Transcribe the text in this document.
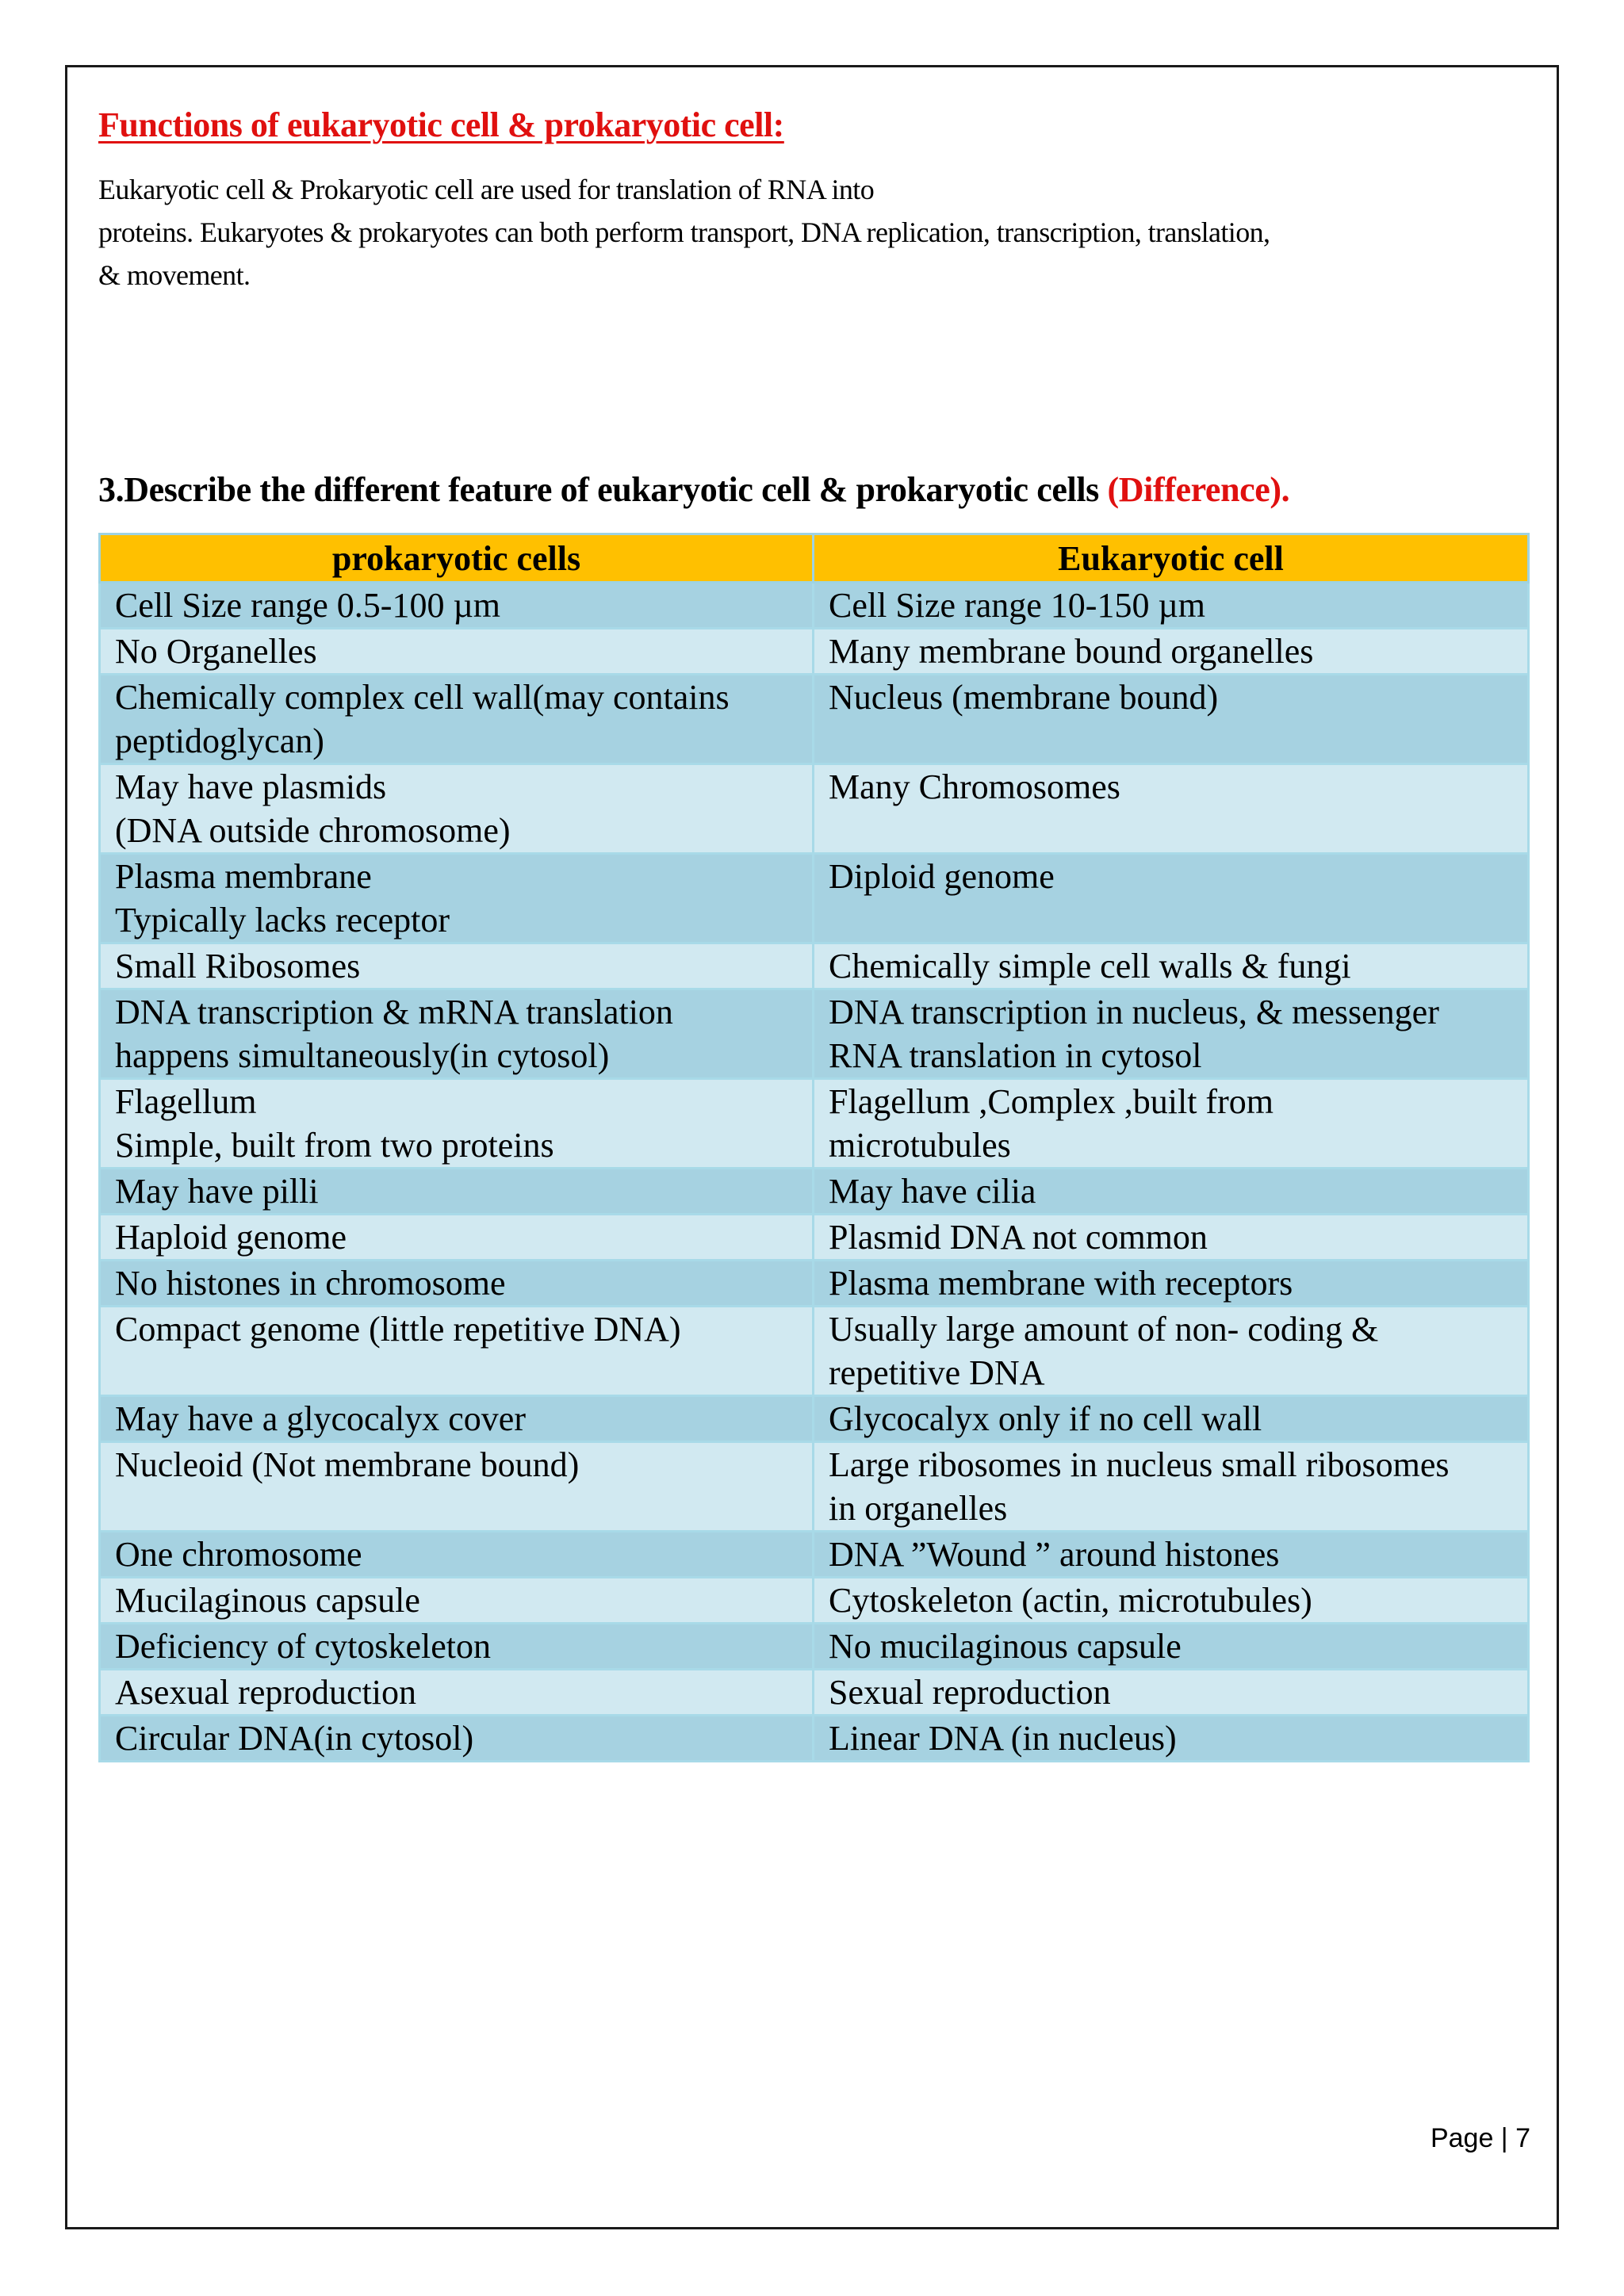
Functions of eukaryotic cell & prokaryotic cell:

Eukaryotic cell & Prokaryotic cell are used for translation of RNA into

proteins. Eukaryotes & prokaryotes can both perform transport, DNA replication, transcription, translation,

& movement.

3.Describe the different feature of eukaryotic cell & prokaryotic cells (Difference).
prokaryotic cells	Eukaryotic cell

Cell Size range 0.5-100 µm	Cell Size range 10-150 µm

No Organelles	Many membrane bound organelles

Chemically complex cell wall(may contains
peptidoglycan)	Nucleus (membrane bound)

May have plasmids
(DNA outside chromosome)	Many Chromosomes

Plasma membrane
Typically lacks receptor	Diploid genome

Small Ribosomes	Chemically simple cell walls & fungi

DNA transcription & mRNA translation
happens simultaneously(in cytosol)	DNA transcription in nucleus, & messenger
RNA translation in cytosol

Flagellum
Simple, built from two proteins	Flagellum ,Complex ,built from
microtubules

May have pilli	May have cilia

Haploid genome	Plasmid DNA not common

No histones in chromosome	Plasma membrane with receptors

Compact genome (little repetitive DNA)	Usually large amount of non- coding &
repetitive DNA

May have a glycocalyx cover	Glycocalyx only if no cell wall

Nucleoid (Not membrane bound)	Large ribosomes in nucleus small ribosomes
in organelles

One chromosome	DNA ”Wound ” around histones

Mucilaginous capsule	Cytoskeleton (actin, microtubules)

Deficiency of cytoskeleton	No mucilaginous capsule

Asexual reproduction	Sexual reproduction

Circular DNA(in cytosol)	Linear DNA (in nucleus)
Page | 7
